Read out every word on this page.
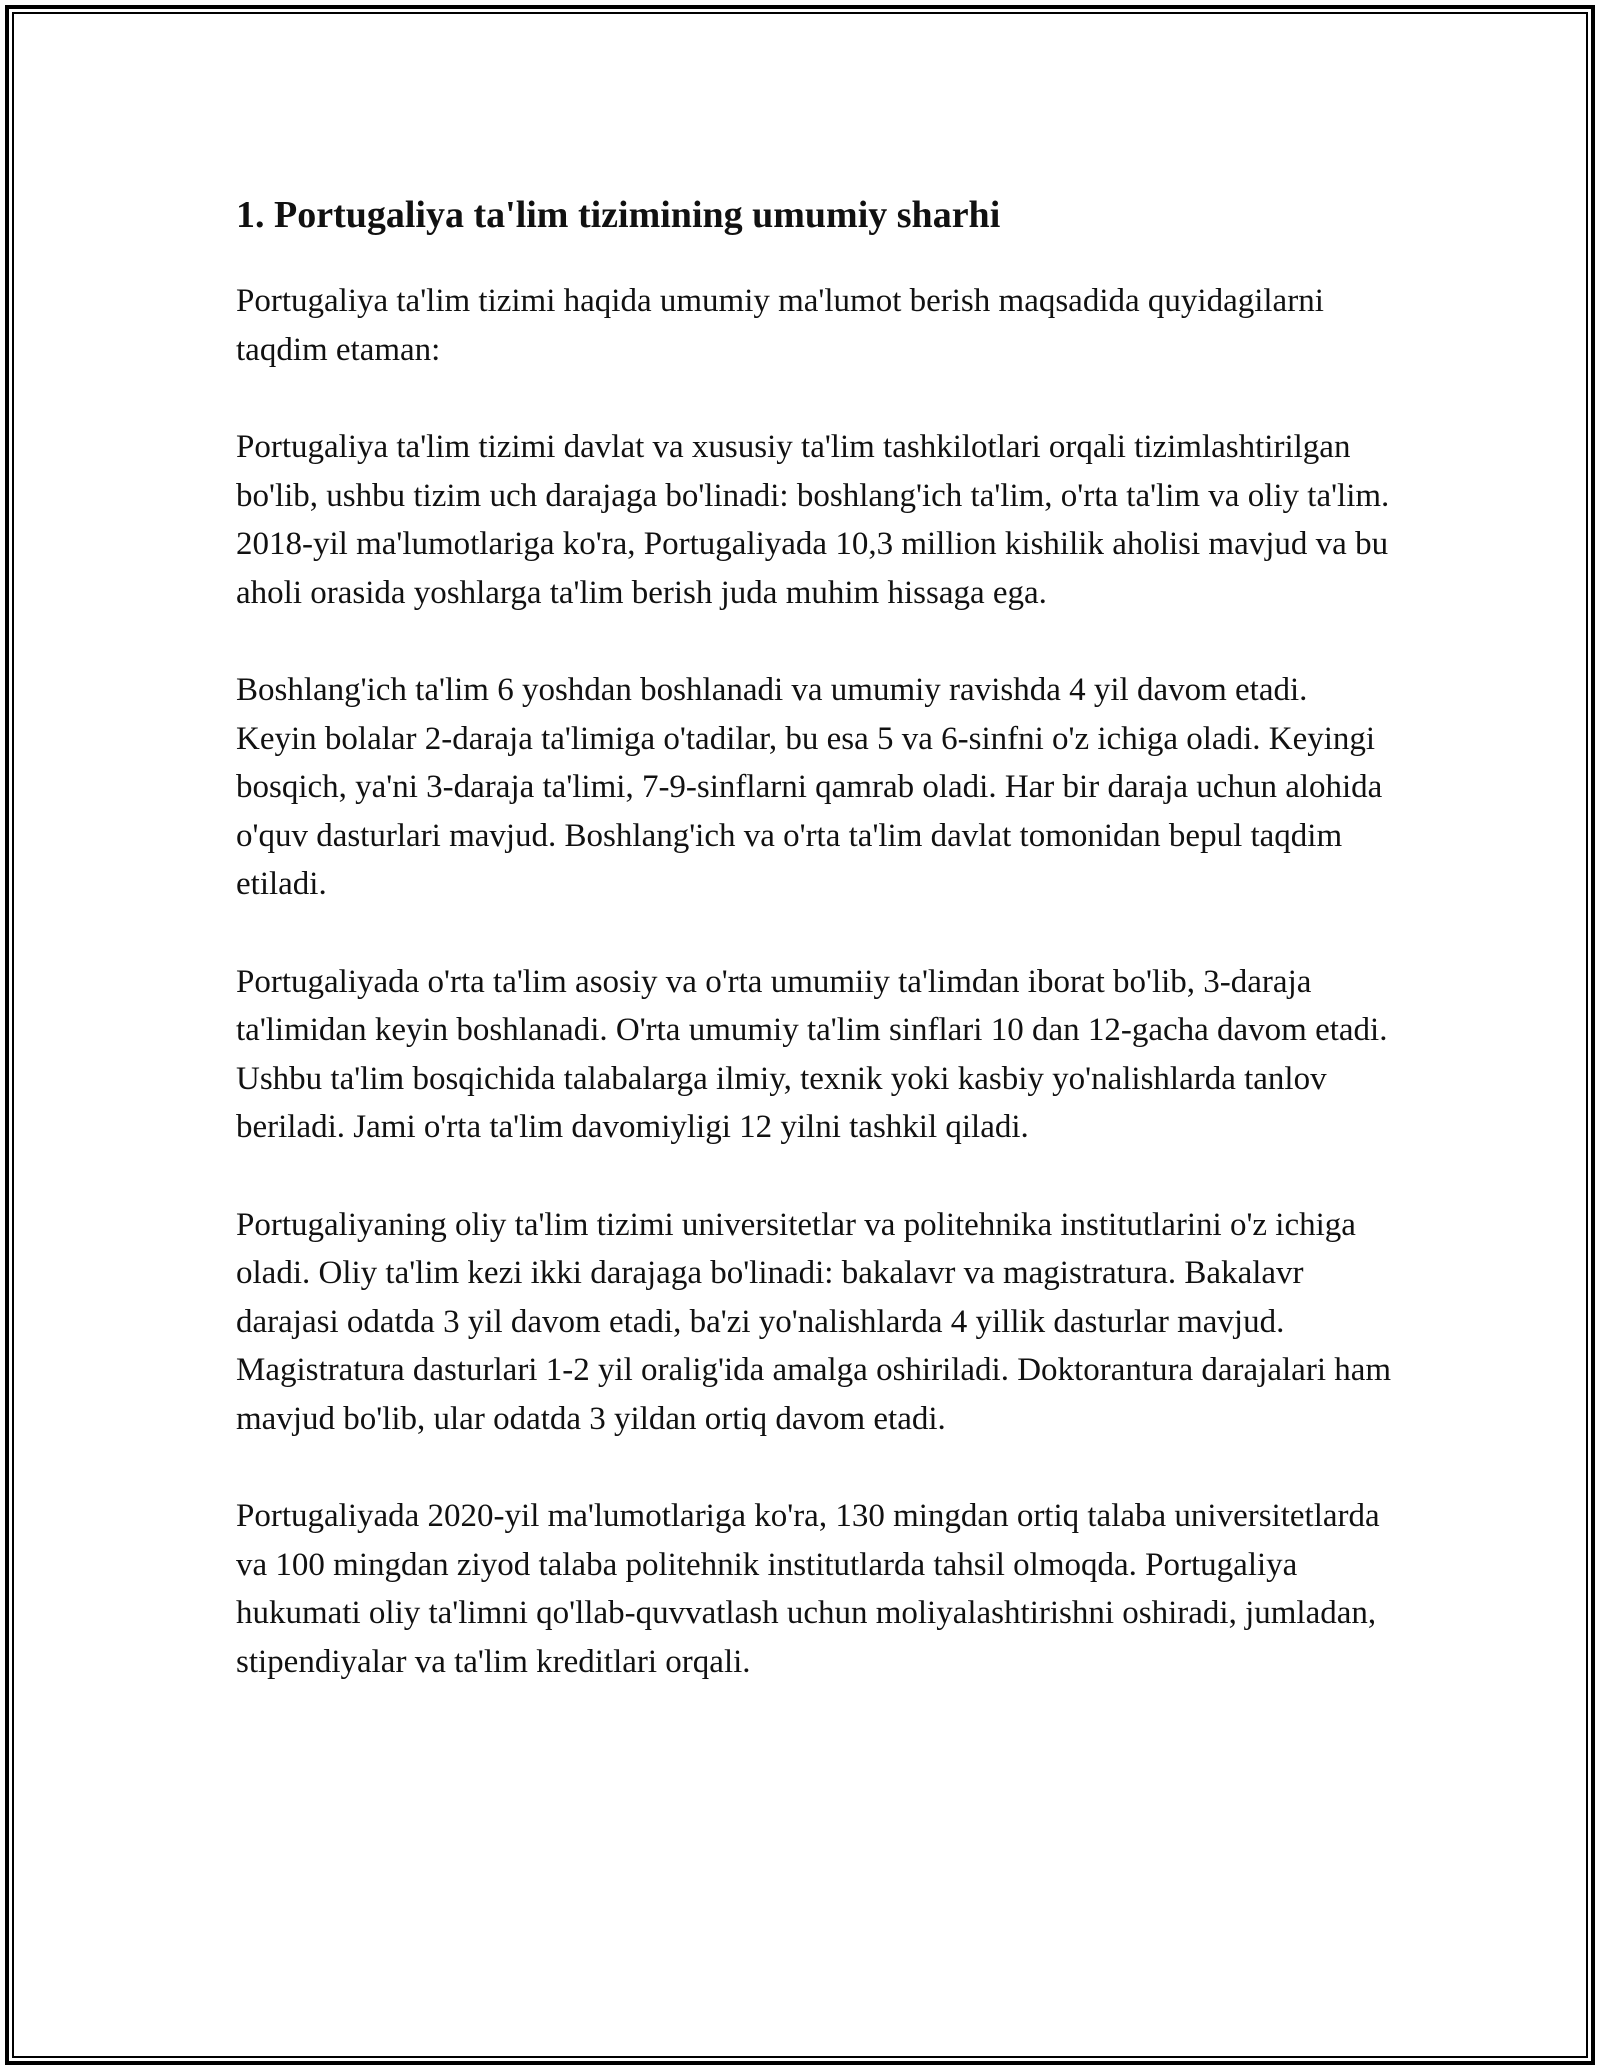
1. Portugaliya ta'lim tizimining umumiy sharhi

Portugaliya ta'lim tizimi haqida umumiy ma'lumot berish maqsadida quyidagilarni taqdim etaman:

Portugaliya ta'lim tizimi davlat va xususiy ta'lim tashkilotlari orqali tizimlashtirilgan bo'lib, ushbu tizim uch darajaga bo'linadi: boshlang'ich ta'lim, o'rta ta'lim va oliy ta'lim. 2018-yil ma'lumotlariga ko'ra, Portugaliyada 10,3 million kishilik aholisi mavjud va bu aholi orasida yoshlarga ta'lim berish juda muhim hissaga ega.

Boshlang'ich ta'lim 6 yoshdan boshlanadi va umumiy ravishda 4 yil davom etadi. Keyin bolalar 2-daraja ta'limiga o'tadilar, bu esa 5 va 6-sinfni o'z ichiga oladi. Keyingi bosqich, ya'ni 3-daraja ta'limi, 7-9-sinflarni qamrab oladi. Har bir daraja uchun alohida o'quv dasturlari mavjud. Boshlang'ich va o'rta ta'lim davlat tomonidan bepul taqdim etiladi.

Portugaliyada o'rta ta'lim asosiy va o'rta umumiiy ta'limdan iborat bo'lib, 3-daraja ta'limidan keyin boshlanadi. O'rta umumiy ta'lim sinflari 10 dan 12-gacha davom etadi. Ushbu ta'lim bosqichida talabalarga ilmiy, texnik yoki kasbiy yo'nalishlarda tanlov beriladi. Jami o'rta ta'lim davomiyligi 12 yilni tashkil qiladi.

Portugaliyaning oliy ta'lim tizimi universitetlar va politehnika institutlarini o'z ichiga oladi. Oliy ta'lim kezi ikki darajaga bo'linadi: bakalavr va magistratura. Bakalavr darajasi odatda 3 yil davom etadi, ba'zi yo'nalishlarda 4 yillik dasturlar mavjud. Magistratura dasturlari 1-2 yil oralig'ida amalga oshiriladi. Doktorantura darajalari ham mavjud bo'lib, ular odatda 3 yildan ortiq davom etadi.

Portugaliyada 2020-yil ma'lumotlariga ko'ra, 130 mingdan ortiq talaba universitetlarda va 100 mingdan ziyod talaba politehnik institutlarda tahsil olmoqda. Portugaliya hukumati oliy ta'limni qo'llab-quvvatlash uchun moliyalashtirishni oshiradi, jumladan, stipendiyalar va ta'lim kreditlari orqali.
